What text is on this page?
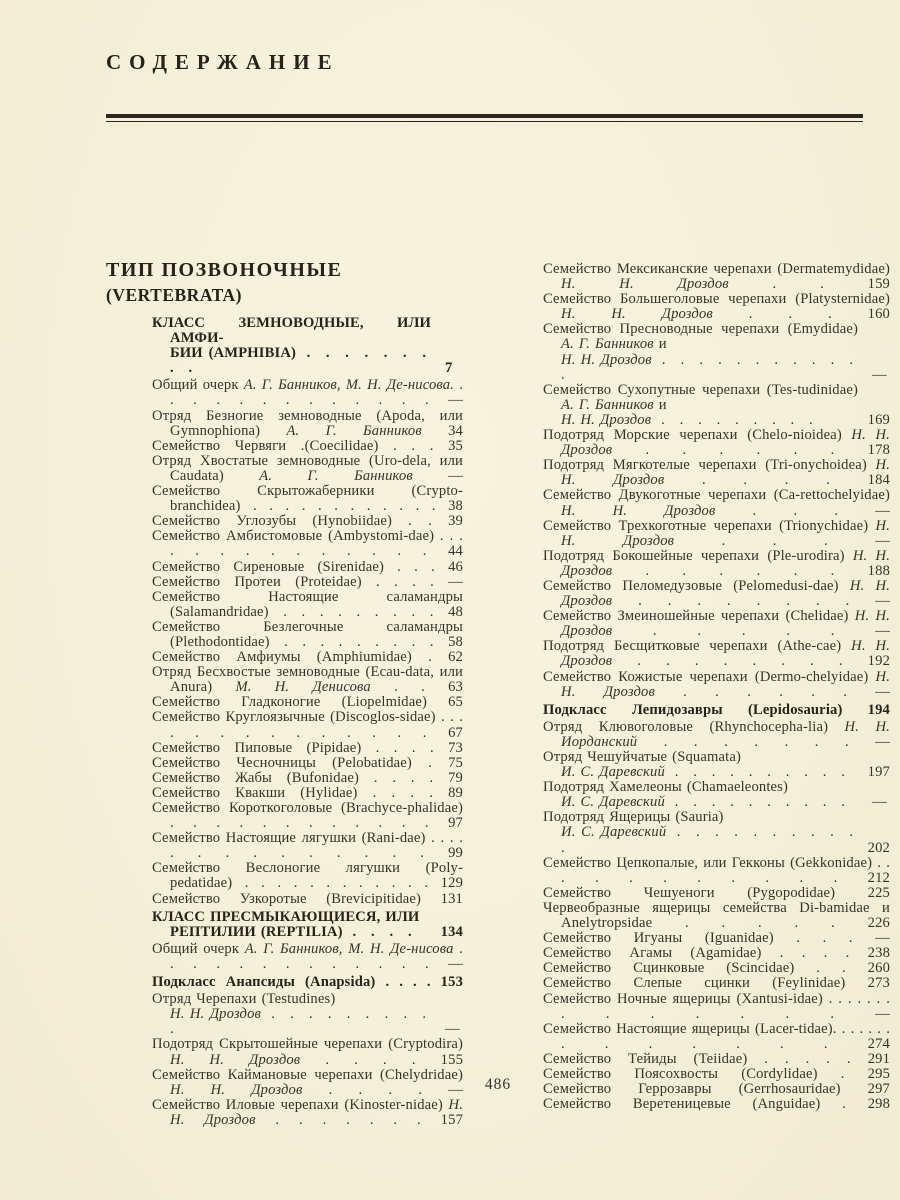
СОДЕРЖАНИЕ
ТИП ПОЗВОНОЧНЫЕ
(VERTEBRATA)
КЛАСС ЗЕМНОВОДНЫЕ, ИЛИ АМФИ-
БИИ (AMPHIBIA) . . . . . . . . .	7
Общий очерк А. Г. Банников, М. Н. Де-нисова. . . . . . . . . . . . . . —
Отряд Безногие земноводные (Apoda, или Gymnophiona) А. Г. Банников 34
Семейство Червяги .(Coecilidae) . . . 35
Отряд Хвостатые земноводные (Uro-dela, или Caudata) А. Г. Банников —
Семейство Скрытожаберники (Crypto-branchidea) . . . . . . . . . . . . 38
Семейство Углозубы (Hynobiidae) . . 39
Семейство Амбистомовые (Ambystomi-dae) . . . . . . . . . . . . . . 44
Семейство Сиреновые (Sirenidae) . . . 46
Семейство Протеи (Proteidae) . . . . —
Семейство Настоящие саламандры (Salamandridae) . . . . . . . . . 48
Семейство Безлегочные саламандры (Plethodontidae) . . . . . . . . . 58
Семейство Амфиумы (Amphiumidae) . 62
Отряд Бесхвостые земноводные (Ecau-data, или Anura) М. Н. Денисова . . 63
Семейство Гладконогие (Liopelmidae) 65
Семейство Круглоязычные (Discoglos-sidae) . . . . . . . . . . . . . . 67
Семейство Пиповые (Pipidae) . . . . 73
Семейство Чесночницы (Pelobatidae) . 75
Семейство Жабы (Bufonidae) . . . . 79
Семейство Квакши (Hylidae) . . . . 89
Семейство Короткоголовые (Brachyce-phalidae) . . . . . . . . . . . . 97
Семейство Настоящие лягушки (Rani-dae) . . . . . . . . . . . . . . 99
Семейство Веслоногие лягушки (Poly-pedatidae) . . . . . . . . . . . . 129
Семейство Узкоротые (Brevicipitidae) 131
КЛАСС ПРЕСМЫКАЮЩИЕСЯ, ИЛИ
РЕПТИЛИИ (REPTILIA) . . . . 134
Общий очерк А. Г. Банников, М. Н. Де-нисова . . . . . . . . . . . . . —
Подкласс Анапсиды (Anapsida) . . . . 153
Отряд Черепахи (Testudines)
Н. Н. Дроздов . . . . . . . . . .	—
Подотряд Скрытошейные черепахи (Cryptodira) Н. Н. Дроздов . . . . 155
Семейство Каймановые черепахи (Chelydridae) Н. Н. Дроздов . . . . —
Семейство Иловые черепахи (Kinoster-nidae) Н. Н. Дроздов . . . . . . . 157
Семейство Мексиканские черепахи (Dermatemydidae) Н. Н. Дроздов . .	159
Семейство Большеголовые черепахи (Platysternidae) Н. Н. Дроздов . . . 160
Семейство Пресноводные черепахи (Emydidae) А. Г. Банников и
Н. Н. Дроздов . . . . . . . . . . . .	—
Семейство Сухопутные черепахи (Tes-tudinidae) А. Г. Банников и
Н. Н. Дроздов . . . . . . . . .	169
Подотряд Морские черепахи (Chelo-nioidea) Н. Н. Дроздов . . . . . . 178
Подотряд Мягкотелые черепахи (Tri-onychoidea) Н. Н. Дроздов . . . .	184
Семейство Двукоготные черепахи (Ca-rettochelyidae) Н. Н. Дроздов . . .	—
Семейство Трехкоготные черепахи (Trionychidae) Н. Н. Дроздов . . .	—
Подотряд Бокошейные черепахи (Ple-urodira) Н. Н. Дроздов . . . . . . 188
Семейство Пеломедузовые (Pelomedusi-dae) Н. Н. Дроздов . . . . . . . . —
Семейство Змеиношейные черепахи (Chelidae) Н. Н. Дроздов . . . . .	—
Подотряд Бесщитковые черепахи (Athe-cae) Н. Н. Дроздов . . . . . . . . 192
Семейство Кожистые черепахи (Dermo-chelyidae) Н. Н. Дроздов . . . . . . —
Подкласс Лепидозавры (Lepidosauria) 194
Отряд Клювоголовые (Rhynchocepha-lia) Н. Н. Иорданский . . . . . . . —
Отряд Чешуйчатые (Squamata)
И. С. Даревский . . . . . . . . . . 197
Подотряд Хамелеоны (Chamaeleontes)
И. С. Даревский . . . . . . . . . . —
Подотряд Ящерицы (Sauria)
И. С. Даревский . . . . . . . . . . .	202
Семейство Цепкопалые, или Гекконы (Gekkonidae) . . . . . . . . . . . 212
Семейство Чешуеноги (Pygopodidae) 225
Червеобразные ящерицы семейства Di-bamidae и Anelytropsidae . . . . . 226
Семейство Игуаны (Iguanidae) . . . —
Семейство Агамы (Agamidae) . . . . 238
Семейство Сцинковые (Scincidae) . . 260
Семейство Слепые сцинки (Feylinidae) 273
Семейство Ночные ящерицы (Xantusi-idae) . . . . . . . . . . . . . .	—
Семейство Настоящие ящерицы (Lacer-tidae). . . . . . . . . . . . . .	274
Семейство Тейиды (Teiidae) . . . . . 291
Семейство Поясохвосты (Cordylidae) . 295
Семейство Геррозавры (Gerrhosauridae) 297
Семейство Веретеницевые (Anguidae) . 298
486
